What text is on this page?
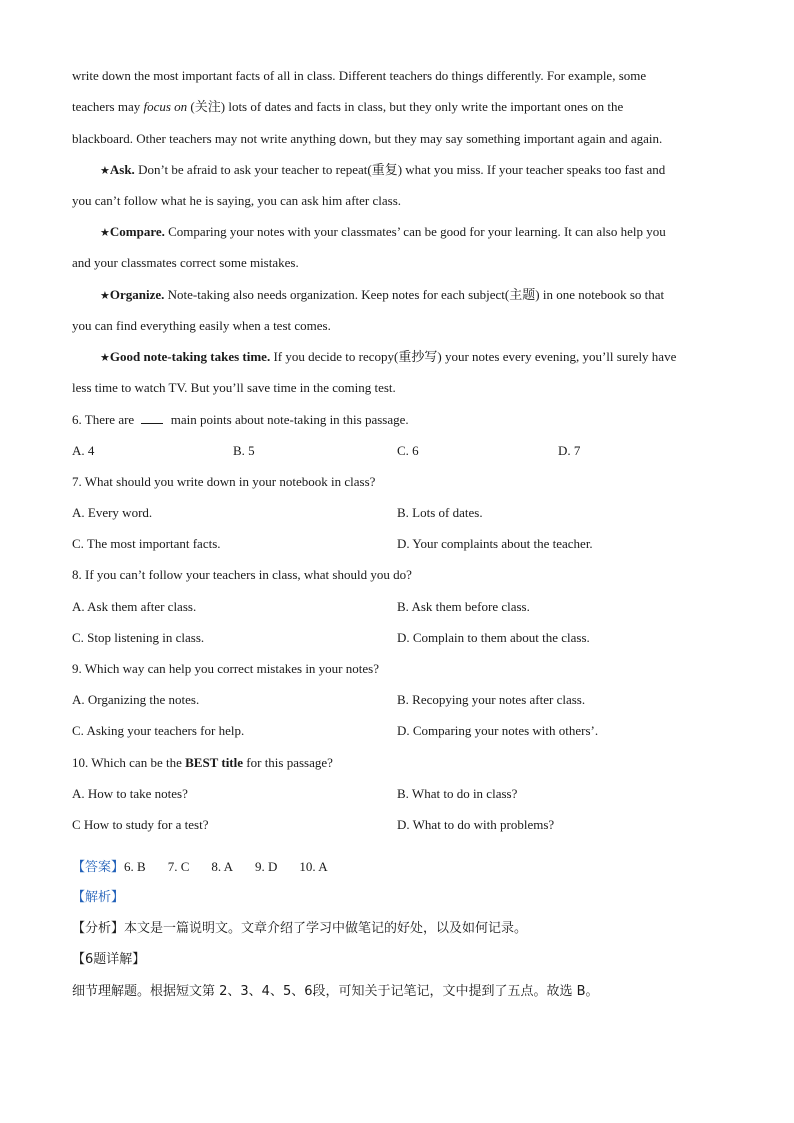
write down the most important facts of all in class. Different teachers do things differently. For example, some
teachers may focus on (关注) lots of dates and facts in class, but they only write the important ones on the
blackboard. Other teachers may not write anything down, but they may say something important again and again.
★Ask. Don’t be afraid to ask your teacher to repeat(重复) what you miss. If your teacher speaks too fast and
you can’t follow what he is saying, you can ask him after class.
★Compare. Comparing your notes with your classmates’ can be good for your learning. It can also help you
and your classmates correct some mistakes.
★Organize. Note-taking also needs organization. Keep notes for each subject(主题) in one notebook so that
you can find everything easily when a test comes.
★Good note-taking takes time. If you decide to recopy(重抄写) your notes every evening, you’ll surely have
less time to watch TV. But you’ll save time in the coming test.
6. There are  main points about note-taking in this passage.
A. 4	B. 5	C. 6	D. 7
7. What should you write down in your notebook in class?
A. Every word.	B. Lots of dates.
C. The most important facts.	D. Your complaints about the teacher.
8. If you can’t follow your teachers in class, what should you do?
A. Ask them after class.	B. Ask them before class.
C. Stop listening in class.	D. Complain to them about the class.
9. Which way can help you correct mistakes in your notes?
A. Organizing the notes.	B. Recopying your notes after class.
C. Asking your teachers for help.	D. Comparing your notes with others’.
10. Which can be the BEST title for this passage?
A. How to take notes?	B. What to do in class?
C How to study for a test?	D. What to do with problems?
【答案】6. B 7. C 8. A 9. D 10. A
【解析】
【分析】本文是一篇说明文。文章介绍了学习中做笔记的好处，以及如何记录。
【6题详解】
细节理解题。根据短文第 2、3、4、5、6段，可知关于记笔记，文中提到了五点。故选 B。
